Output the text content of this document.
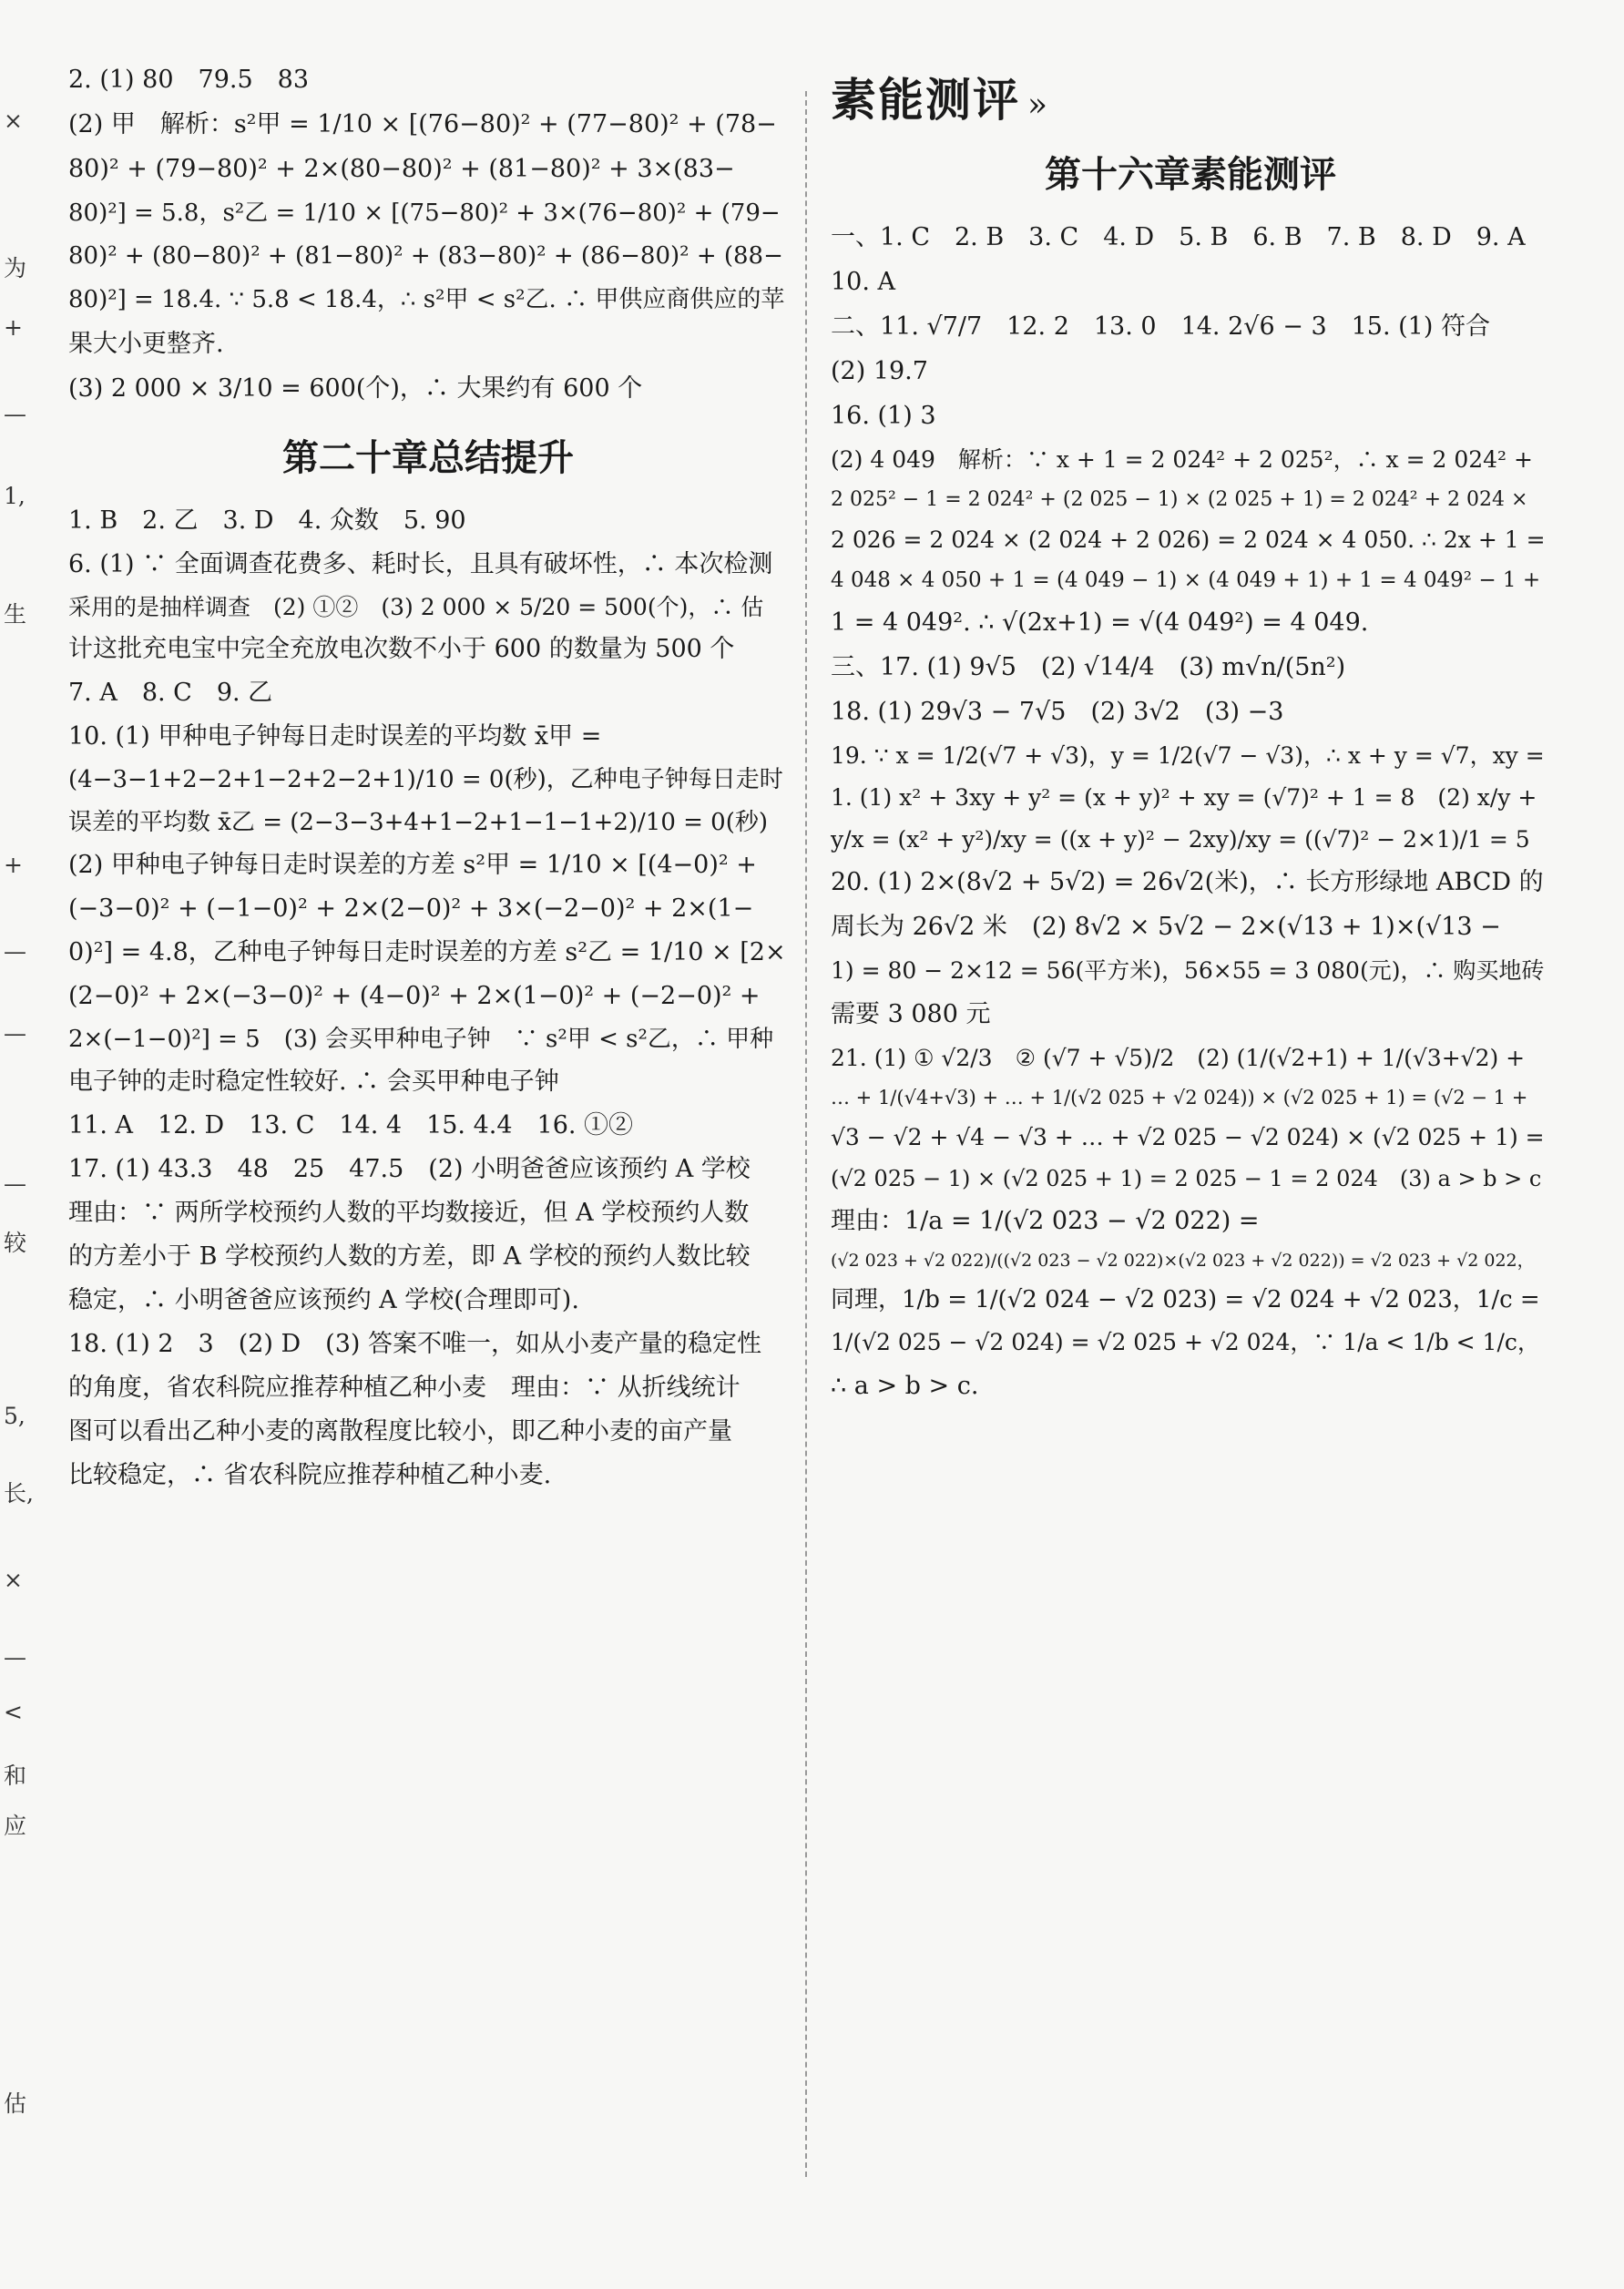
×
为
+
—
1,
生
+
—
—
—
较
5,
长,
×
—
<
和
应
估

2. (1) 80　79.5　83

(2) 甲　解析：s²甲 = 1/10 × [(76−80)² + (77−80)² + (78−

80)² + (79−80)² + 2×(80−80)² + (81−80)² + 3×(83−

80)²] = 5.8，s²乙 = 1/10 × [(75−80)² + 3×(76−80)² + (79−

80)² + (80−80)² + (81−80)² + (83−80)² + (86−80)² + (88−

80)²] = 18.4. ∵ 5.8 < 18.4，∴ s²甲 < s²乙. ∴ 甲供应商供应的苹

果大小更整齐.

(3) 2 000 × 3/10 = 600(个)，∴ 大果约有 600 个

第二十章总结提升

1. B　2. 乙　3. D　4. 众数　5. 90

6. (1) ∵ 全面调查花费多、耗时长，且具有破坏性，∴ 本次检测

采用的是抽样调查　(2) ①②　(3) 2 000 × 5/20 = 500(个)，∴ 估

计这批充电宝中完全充放电次数不小于 600 的数量为 500 个

7. A　8. C　9. 乙

10. (1) 甲种电子钟每日走时误差的平均数 x̄甲 =

(4−3−1+2−2+1−2+2−2+1)/10 = 0(秒)，乙种电子钟每日走时

误差的平均数 x̄乙 = (2−3−3+4+1−2+1−1−1+2)/10 = 0(秒)

(2) 甲种电子钟每日走时误差的方差 s²甲 = 1/10 × [(4−0)² +

(−3−0)² + (−1−0)² + 2×(2−0)² + 3×(−2−0)² + 2×(1−

0)²] = 4.8，乙种电子钟每日走时误差的方差 s²乙 = 1/10 × [2×

(2−0)² + 2×(−3−0)² + (4−0)² + 2×(1−0)² + (−2−0)² +

2×(−1−0)²] = 5　(3) 会买甲种电子钟　∵ s²甲 < s²乙，∴ 甲种

电子钟的走时稳定性较好. ∴ 会买甲种电子钟

11. A　12. D　13. C　14. 4　15. 4.4　16. ①②

17. (1) 43.3　48　25　47.5　(2) 小明爸爸应该预约 A 学校

理由：∵ 两所学校预约人数的平均数接近，但 A 学校预约人数

的方差小于 B 学校预约人数的方差，即 A 学校的预约人数比较

稳定，∴ 小明爸爸应该预约 A 学校(合理即可).

18. (1) 2　3　(2) D　(3) 答案不唯一，如从小麦产量的稳定性

的角度，省农科院应推荐种植乙种小麦　理由：∵ 从折线统计

图可以看出乙种小麦的离散程度比较小，即乙种小麦的亩产量

比较稳定，∴ 省农科院应推荐种植乙种小麦.

素能测评 »
第十六章素能测评

一、1. C　2. B　3. C　4. D　5. B　6. B　7. B　8. D　9. A

10. A

二、11. √7/7　12. 2　13. 0　14. 2√6 − 3　15. (1) 符合

(2) 19.7

16. (1) 3

(2) 4 049　解析：∵ x + 1 = 2 024² + 2 025²，∴ x = 2 024² +

2 025² − 1 = 2 024² + (2 025 − 1) × (2 025 + 1) = 2 024² + 2 024 ×

2 026 = 2 024 × (2 024 + 2 026) = 2 024 × 4 050. ∴ 2x + 1 =

4 048 × 4 050 + 1 = (4 049 − 1) × (4 049 + 1) + 1 = 4 049² − 1 +

1 = 4 049². ∴ √(2x+1) = √(4 049²) = 4 049.

三、17. (1) 9√5　(2) √14/4　(3) m√n/(5n²)

18. (1) 29√3 − 7√5　(2) 3√2　(3) −3

19. ∵ x = 1/2(√7 + √3)，y = 1/2(√7 − √3)，∴ x + y = √7，xy =

1. (1) x² + 3xy + y² = (x + y)² + xy = (√7)² + 1 = 8　(2) x/y +

y/x = (x² + y²)/xy = ((x + y)² − 2xy)/xy = ((√7)² − 2×1)/1 = 5

20. (1) 2×(8√2 + 5√2) = 26√2(米)，∴ 长方形绿地 ABCD 的

周长为 26√2 米　(2) 8√2 × 5√2 − 2×(√13 + 1)×(√13 −

1) = 80 − 2×12 = 56(平方米)，56×55 = 3 080(元)，∴ 购买地砖

需要 3 080 元

21. (1) ① √2/3　② (√7 + √5)/2　(2) (1/(√2+1) + 1/(√3+√2) +

… + 1/(√4+√3) + … + 1/(√2 025 + √2 024)) × (√2 025 + 1) = (√2 − 1 +

√3 − √2 + √4 − √3 + … + √2 025 − √2 024) × (√2 025 + 1) =

(√2 025 − 1) × (√2 025 + 1) = 2 025 − 1 = 2 024　(3) a > b > c

理由：1/a = 1/(√2 023 − √2 022) =

(√2 023 + √2 022)/((√2 023 − √2 022)×(√2 023 + √2 022)) = √2 023 + √2 022，

同理，1/b = 1/(√2 024 − √2 023) = √2 024 + √2 023，1/c =

1/(√2 025 − √2 024) = √2 025 + √2 024，∵ 1/a < 1/b < 1/c，

∴ a > b > c.
